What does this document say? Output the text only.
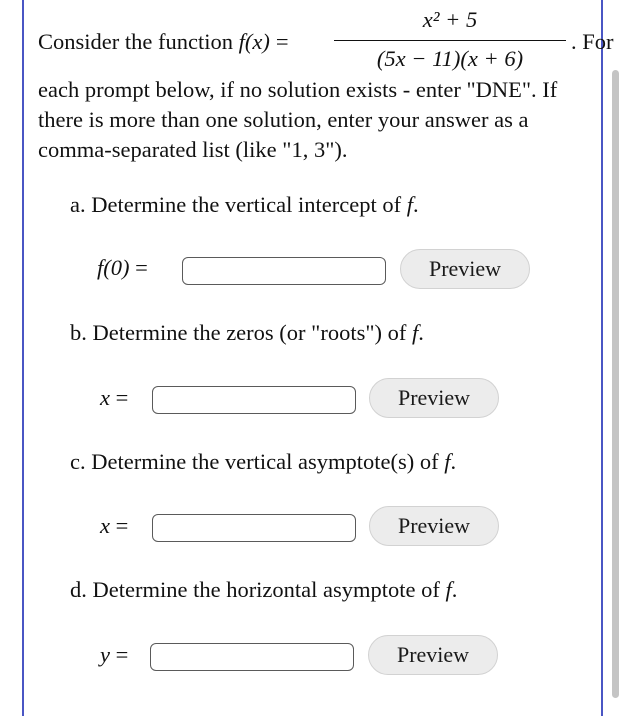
Consider the function f(x) =
x² + 5
(5x − 11)(x + 6)
. For
each prompt below, if no solution exists - enter "DNE". If there is more than one solution, enter your answer as a comma-separated list (like "1, 3").
a. Determine the vertical intercept of f.
f(0) =	Preview
b. Determine the zeros (or "roots") of f.
x =	Preview
c. Determine the vertical asymptote(s) of f.
x =	Preview
d. Determine the horizontal asymptote of f.
y =	Preview
